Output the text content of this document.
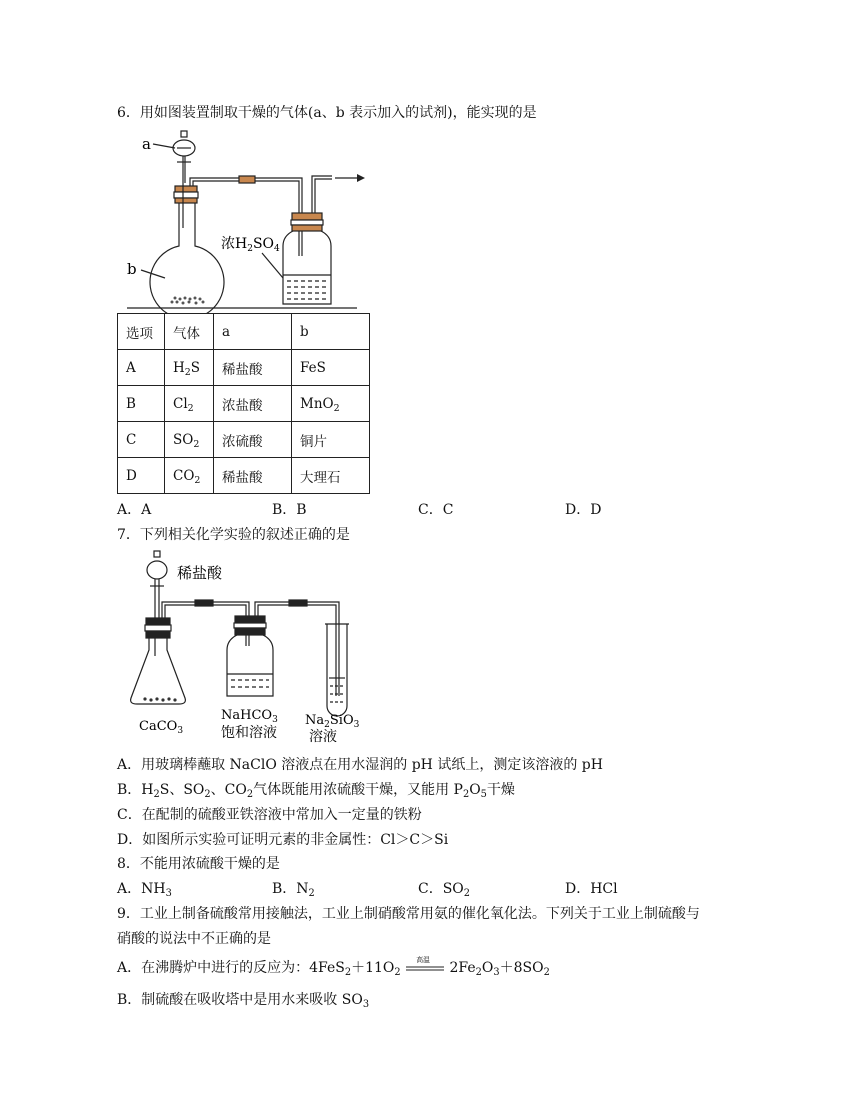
6．用如图装置制取干燥的气体(a、b 表示加入的试剂)，能实现的是
a
b
浓$H_2SO_4$
选项	气体	a	b
A	$H_2S$	稀盐酸	FeS
B	$Cl_2$	浓盐酸	MnO$_2$
C	$SO_2$	浓硫酸	铜片
D	$CO_2$	稀盐酸	大理石
A．A	B．B	C．C	D．D
7．下列相关化学实验的叙述正确的是
稀盐酸
CaCO$_3$
NaHCO$_3$
饱和溶液
$Na_2SiO_3$
溶液
A．用玻璃棒蘸取 NaClO 溶液点在用水湿润的 pH 试纸上，测定该溶液的 pH
B．$H_2S$、$SO_2$、$CO_2$气体既能用浓硫酸干燥，又能用 $P_2O_5$干燥
C．在配制的硫酸亚铁溶液中常加入一定量的铁粉
D．如图所示实验可证明元素的非金属性：Cl＞C＞Si
8．不能用浓硫酸干燥的是
A．$NH_3$	B．$N_2$	C．$SO_2$	D．HCl
9．工业上制备硫酸常用接触法，工业上制硝酸常用氨的催化氧化法。下列关于工业上制硫酸与
硝酸的说法中不正确的是
A．在沸腾炉中进行的反应为：$4FeS_2+11O_2$
高温 $2Fe_2O_3+8SO_2$
B．制硫酸在吸收塔中是用水来吸收 $SO_3$
